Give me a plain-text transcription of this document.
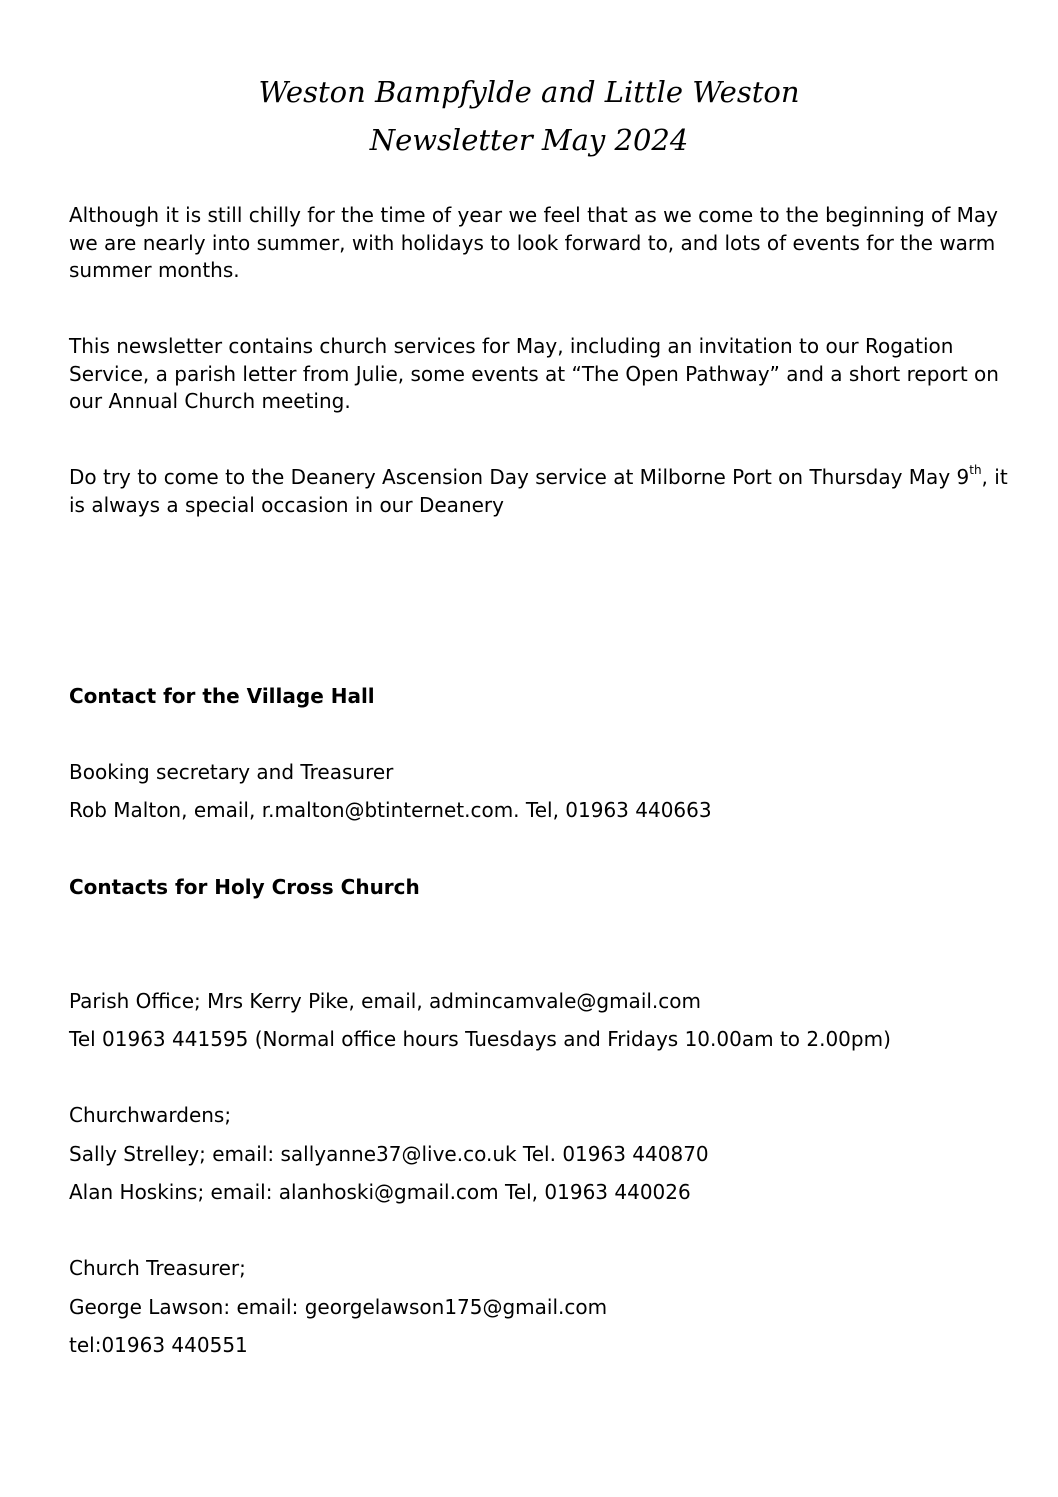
Weston Bampfylde and Little Weston
Newsletter May 2024

Although it is still chilly for the time of year we feel that as we come to the beginning of May we are nearly into summer, with holidays to look forward to, and lots of events for the warm summer months.

This newsletter contains church services for May, including an invitation to our Rogation Service, a parish letter from Julie, some events at “The Open Pathway” and a short report on our Annual Church meeting.

Do try to come to the Deanery Ascension Day service at Milborne Port on Thursday May 9th, it is always a special occasion in our Deanery

Contact for the Village Hall

Booking secretary and Treasurer

Rob Malton, email, r.malton@btinternet.com. Tel, 01963 440663

Contacts for Holy Cross Church

Parish Office; Mrs Kerry Pike, email, admincamvale@gmail.com

Tel 01963 441595 (Normal office hours Tuesdays and Fridays 10.00am to 2.00pm)

Churchwardens;

Sally Strelley; email: sallyanne37@live.co.uk Tel. 01963 440870

Alan Hoskins; email: alanhoski@gmail.com Tel, 01963 440026

Church Treasurer;

George Lawson: email: georgelawson175@gmail.com

tel:01963 440551
